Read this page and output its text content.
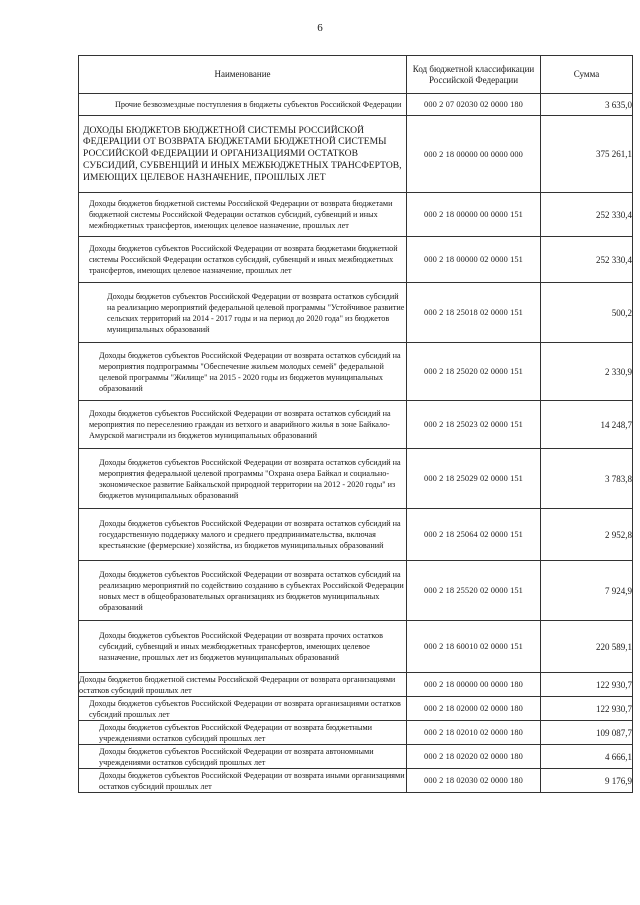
6
Наименование	Код бюджетной классификации Российской Федерации	Сумма
Прочие безвозмездные поступления в бюджеты субъектов Российской Федерации	000 2 07 02030 02 0000 180	3 635,0
ДОХОДЫ БЮДЖЕТОВ БЮДЖЕТНОЙ СИСТЕМЫ РОССИЙСКОЙ ФЕДЕРАЦИИ ОТ ВОЗВРАТА БЮДЖЕТАМИ БЮДЖЕТНОЙ СИСТЕМЫ РОССИЙСКОЙ ФЕДЕРАЦИИ И ОРГАНИЗАЦИЯМИ ОСТАТКОВ СУБСИДИЙ, СУБВЕНЦИЙ И ИНЫХ МЕЖБЮДЖЕТНЫХ ТРАНСФЕРТОВ, ИМЕЮЩИХ ЦЕЛЕВОЕ НАЗНАЧЕНИЕ, ПРОШЛЫХ ЛЕТ	000 2 18 00000 00 0000 000	375 261,1
Доходы бюджетов бюджетной системы Российской Федерации от возврата бюджетами бюджетной системы Российской Федерации остатков субсидий, субвенций и иных межбюджетных трансфертов, имеющих целевое назначение, прошлых лет	000 2 18 00000 00 0000 151	252 330,4
Доходы бюджетов субъектов Российской Федерации от возврата бюджетами бюджетной системы Российской Федерации остатков субсидий, субвенций и иных межбюджетных трансфертов, имеющих целевое назначение, прошлых лет	000 2 18 00000 02 0000 151	252 330,4
Доходы бюджетов субъектов Российской Федерации от возврата остатков субсидий на реализацию мероприятий федеральной целевой программы "Устойчивое развитие сельских территорий на 2014 - 2017 годы и на период до 2020 года" из бюджетов муниципальных образований	000 2 18 25018 02 0000 151	500,2
Доходы бюджетов субъектов Российской Федерации от возврата остатков субсидий на мероприятия подпрограммы "Обеспечение жильем молодых семей" федеральной целевой программы "Жилище" на 2015 - 2020 годы из бюджетов муниципальных образований	000 2 18 25020 02 0000 151	2 330,9
Доходы бюджетов субъектов Российской Федерации от возврата остатков субсидий на мероприятия по переселению граждан из ветхого и аварийного жилья в зоне Байкало-Амурской магистрали из бюджетов муниципальных образований	000 2 18 25023 02 0000 151	14 248,7
Доходы бюджетов субъектов Российской Федерации от возврата остатков субсидий на мероприятия федеральной целевой программы "Охрана озера Байкал и социально-экономическое развитие Байкальской природной территории на 2012 - 2020 годы" из бюджетов муниципальных образований	000 2 18 25029 02 0000 151	3 783,8
Доходы бюджетов субъектов Российской Федерации от возврата остатков субсидий на государственную поддержку малого и среднего предпринимательства, включая крестьянские (фермерские) хозяйства, из бюджетов муниципальных образований	000 2 18 25064 02 0000 151	2 952,8
Доходы бюджетов субъектов Российской Федерации от возврата остатков субсидий на реализацию мероприятий по содействию созданию в субъектах Российской Федерации новых мест в общеобразовательных организациях из бюджетов муниципальных образований	000 2 18 25520 02 0000 151	7 924,9
Доходы бюджетов субъектов Российской Федерации от возврата прочих остатков субсидий, субвенций и иных межбюджетных трансфертов, имеющих целевое назначение, прошлых лет из бюджетов муниципальных образований	000 2 18 60010 02 0000 151	220 589,1
Доходы бюджетов бюджетной системы Российской Федерации от возврата организациями остатков субсидий прошлых лет	000 2 18 00000 00 0000 180	122 930,7
Доходы бюджетов субъектов Российской Федерации от возврата организациями остатков субсидий прошлых лет	000 2 18 02000 02 0000 180	122 930,7
Доходы бюджетов субъектов Российской Федерации от возврата бюджетными учреждениями остатков субсидий прошлых лет	000 2 18 02010 02 0000 180	109 087,7
Доходы бюджетов субъектов Российской Федерации от возврата автономными учреждениями остатков субсидий прошлых лет	000 2 18 02020 02 0000 180	4 666,1
Доходы бюджетов субъектов Российской Федерации от возврата иными организациями остатков субсидий прошлых лет	000 2 18 02030 02 0000 180	9 176,9
